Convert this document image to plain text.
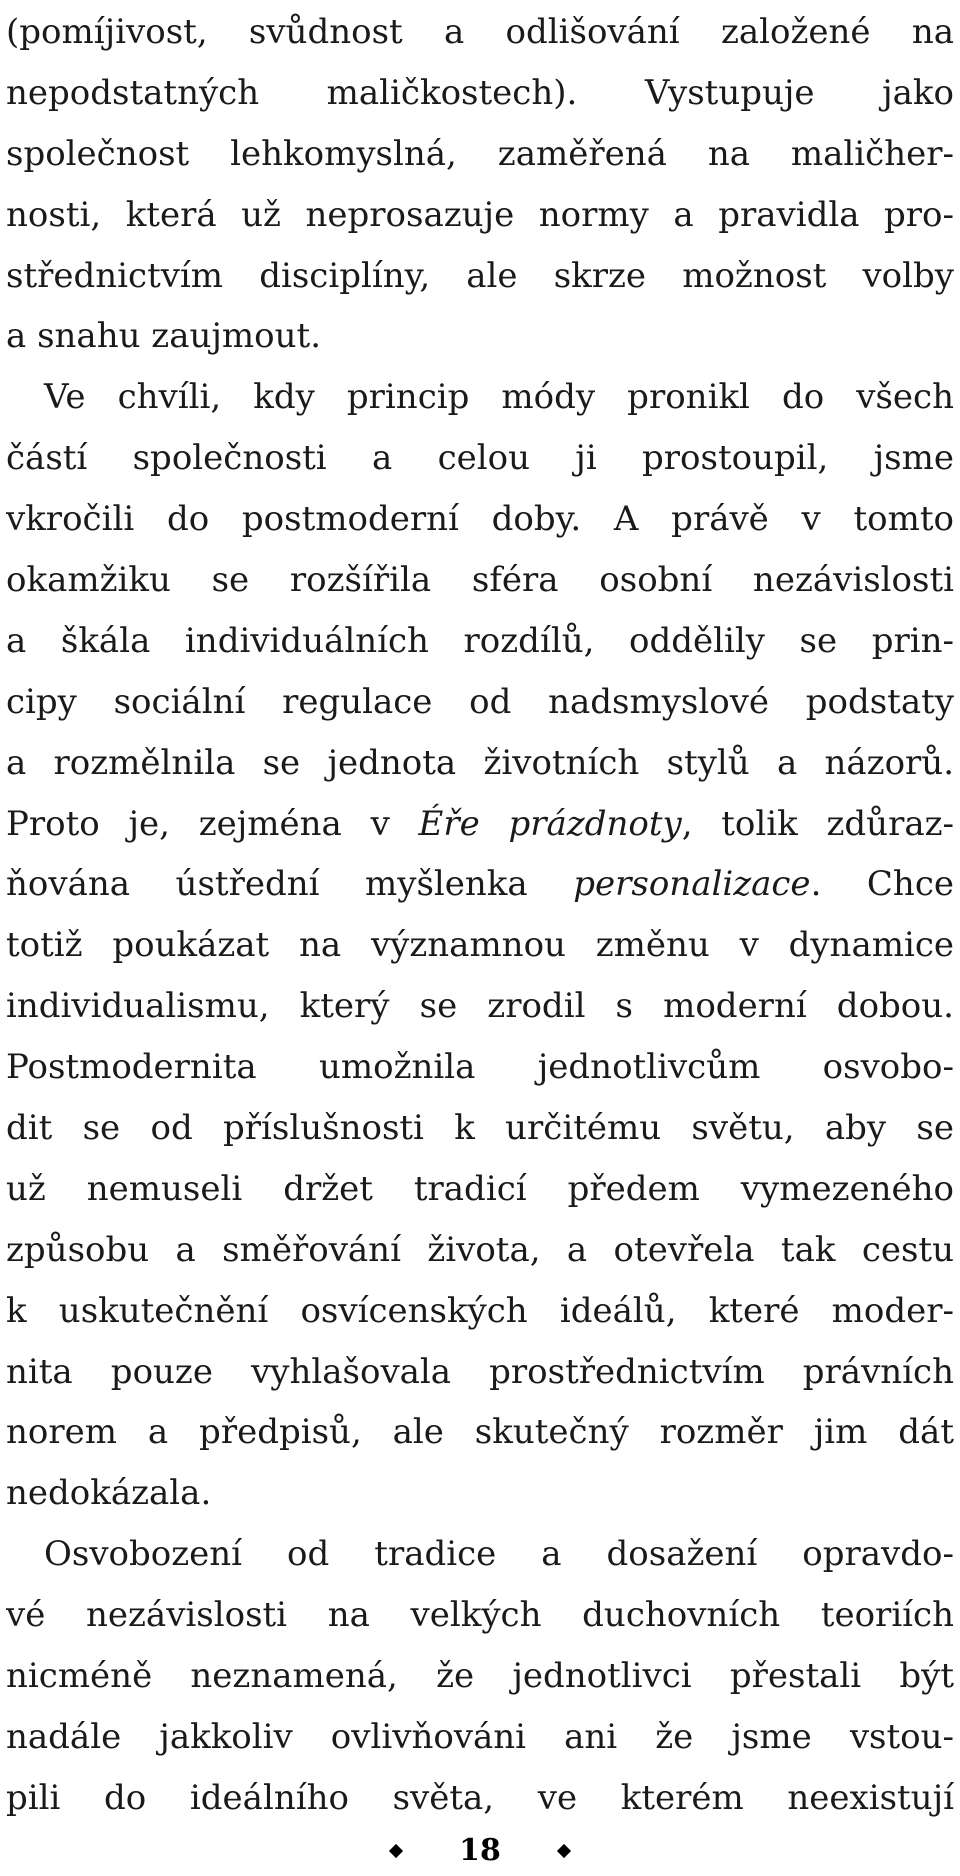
(pomíjivost, svůdnost a odlišování založené na
nepodstatných maličkostech). Vystupuje jako
společnost lehkomyslná, zaměřená na maličher-
nosti, která už neprosazuje normy a pravidla pro-
střednictvím disciplíny, ale skrze možnost volby
a snahu zaujmout.
Ve chvíli, kdy princip módy pronikl do všech
částí společnosti a celou ji prostoupil, jsme
vkročili do postmoderní doby. A právě v tomto
okamžiku se rozšířila sféra osobní nezávislosti
a škála individuálních rozdílů, oddělily se prin-
cipy sociální regulace od nadsmyslové podstaty
a rozmělnila se jednota životních stylů a názorů.
Proto je, zejména v Éře prázdnoty, tolik zdůraz-
ňována ústřední myšlenka personalizace. Chce
totiž poukázat na významnou změnu v dynamice
individualismu, který se zrodil s moderní dobou.
Postmodernita umožnila jednotlivcům osvobo-
dit se od příslušnosti k určitému světu, aby se
už nemuseli držet tradicí předem vymezeného
způsobu a směřování života, a otevřela tak cestu
k uskutečnění osvícenských ideálů, které moder-
nita pouze vyhlašovala prostřednictvím právních
norem a předpisů, ale skutečný rozměr jim dát
nedokázala.
Osvobození od tradice a dosažení opravdo-
vé nezávislosti na velkých duchovních teoriích
nicméně neznamená, že jednotlivci přestali být
nadále jakkoliv ovlivňováni ani že jsme vstou-
pili do ideálního světa, ve kterém neexistují
18
